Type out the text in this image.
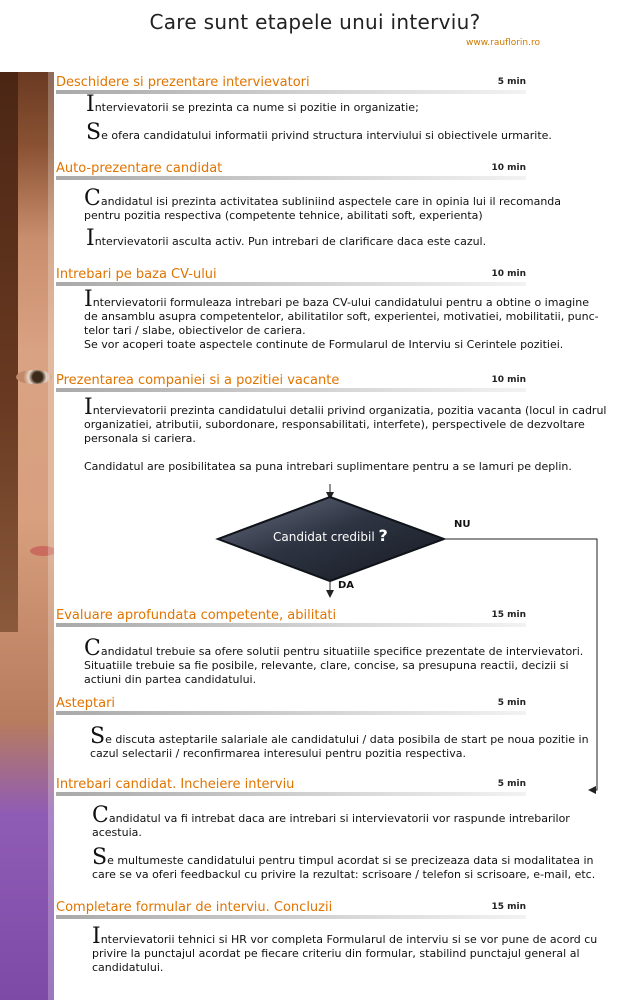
Care sunt etapele unui interviu?
www.rauflorin.ro
Deschidere si prezentare intervievatori	5 min
Intervievatorii se prezinta ca nume si pozitie in organizatie;
Se ofera candidatului informatii privind structura interviului si obiectivele urmarite.
Auto-prezentare candidat	10 min
Candidatul isi prezinta activitatea subliniind aspectele care in opinia lui il recomanda pentru pozitia respectiva (competente tehnice, abilitati soft, experienta)
Intervievatorii asculta activ. Pun intrebari de clarificare daca este cazul.
Intrebari pe baza CV-ului	10 min
Intervievatorii formuleaza intrebari pe baza CV-ului candidatului pentru a obtine o imagine de ansamblu asupra competentelor, abilitatilor soft, experientei, motivatiei, mobilitatii, punc- telor tari / slabe, obiectivelor de cariera.
Se vor acoperi toate aspectele continute de Formularul de Interviu si Cerintele pozitiei.
Prezentarea companiei si a pozitiei vacante	10 min
Intervievatorii prezinta candidatului detalii privind organizatia, pozitia vacanta (locul in cadrul organizatiei, atributii, subordonare, responsabilitati, interfete), perspectivele de dezvoltare personala si cariera.

Candidatul are posibilitatea sa puna intrebari suplimentare pentru a se lamuri pe deplin.
Candidat credibil ?
NU
DA
Evaluare aprofundata competente, abilitati	15 min
Candidatul trebuie sa ofere solutii pentru situatiile specifice prezentate de intervievatori. Situatiile trebuie sa fie posibile, relevante, clare, concise, sa presupuna reactii, decizii si actiuni din partea candidatului.
Asteptari	5 min
Se discuta asteptarile salariale ale candidatului / data posibila de start pe noua pozitie in cazul selectarii / reconfirmarea interesului pentru pozitia respectiva.
Intrebari candidat. Incheiere interviu	5 min
Candidatul va fi intrebat daca are intrebari si intervievatorii vor raspunde intrebarilor acestuia.
Se multumeste candidatului pentru timpul acordat si se precizeaza data si modalitatea in care se va oferi feedbackul cu privire la rezultat: scrisoare / telefon si scrisoare, e-mail, etc.
Completare formular de interviu. Concluzii	15 min
Intervievatorii tehnici si HR vor completa Formularul de interviu si se vor pune de acord cu privire la punctajul acordat pe fiecare criteriu din formular, stabilind punctajul general al candidatului.
